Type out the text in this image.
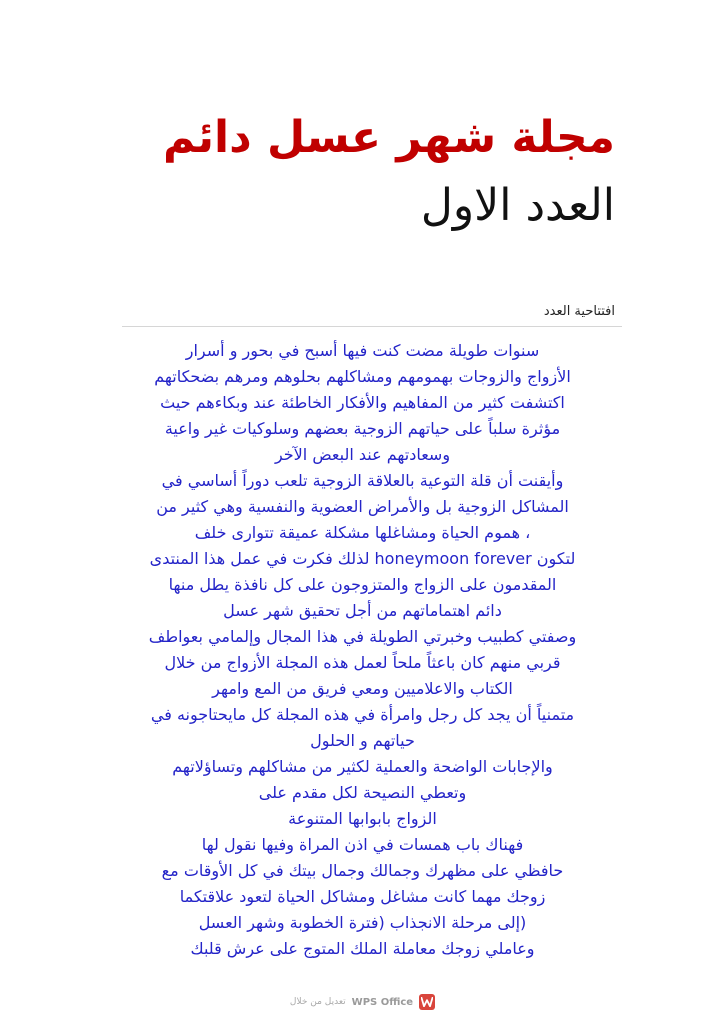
مجلة شهر عسل دائم
العدد الاول
افتتاحية العدد
سنوات طويلة مضت كنت فيها أسبح في بحور و أسرار
الأزواج والزوجات بهمومهم ومشاكلهم بحلوهم ومرهم بضحكاتهم
اكتشفت كثير من المفاهيم والأفكار الخاطئة عند وبكاءهم حيث
مؤثرة سلباً على حياتهم الزوجية بعضهم وسلوكيات غير واعية
وسعادتهم عند البعض الآخر
وأيقنت أن قلة التوعية بالعلاقة الزوجية تلعب دوراً أساسي في
المشاكل الزوجية بل والأمراض العضوية والنفسية وهي كثير من
، هموم الحياة ومشاغلها مشكلة عميقة تتوارى خلف
لتكون honeymoon forever لذلك فكرت في عمل هذا المنتدى
المقدمون على الزواج والمتزوجون على كل نافذة يطل منها
دائم اهتماماتهم من أجل تحقيق شهر عسل
وصفتي كطبيب وخبرتي الطويلة في هذا المجال وإلمامي بعواطف
قربي منهم كان باعثاً ملحاً لعمل هذه المجلة الأزواج من خلال
الكتاب والاعلاميين ومعي فريق من المع وامهر
متمنياً أن يجد كل رجل وامرأة في هذه المجلة كل مايحتاجونه في
حياتهم و الحلول
والإجابات الواضحة والعملية لكثير من مشاكلهم وتساؤلاتهم
وتعطي النصيحة لكل مقدم على
الزواج بابوابها المتنوعة
فهناك باب همسات في اذن المراة وفيها نقول لها
حافظي على مظهرك وجمالك وجمال بيتك في كل الأوقات مع
زوجك مهما كانت مشاغل ومشاكل الحياة لتعود علاقتكما
(إلى مرحلة الانجذاب (فترة الخطوبة وشهر العسل
وعاملي زوجك معاملة الملك المتوج على عرش قلبك
تعديل من خلال WPS Office
